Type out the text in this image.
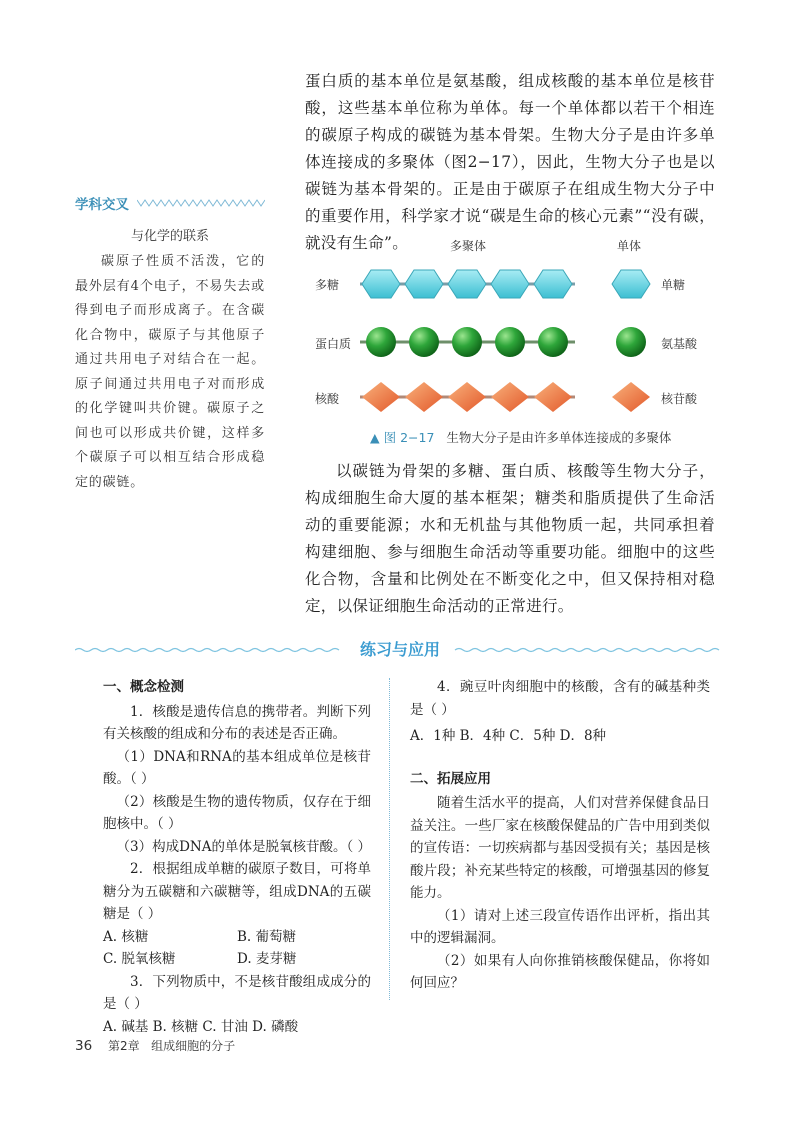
蛋白质的基本单位是氨基酸，组成核酸的基本单位是核苷酸，这些基本单位称为单体。每一个单体都以若干个相连的碳原子构成的碳链为基本骨架。生物大分子是由许多单体连接成的多聚体（图2−17），因此，生物大分子也是以碳链为基本骨架的。正是由于碳原子在组成生物大分子中的重要作用，科学家才说“碳是生命的核心元素”“没有碳，就没有生命”。

学科交叉
与化学的联系

碳原子性质不活泼，它的最外层有4个电子，不易失去或得到电子而形成离子。在含碳化合物中，碳原子与其他原子通过共用电子对结合在一起。原子间通过共用电子对而形成的化学键叫共价键。碳原子之间也可以形成共价键，这样多个碳原子可以相互结合形成稳定的碳链。

多聚体	单体
多糖	单糖
蛋白质	氨基酸
核酸	核苷酸
▲ 图 2−17 生物大分子是由许多单体连接成的多聚体

以碳链为骨架的多糖、蛋白质、核酸等生物大分子，构成细胞生命大厦的基本框架；糖类和脂质提供了生命活动的重要能源；水和无机盐与其他物质一起，共同承担着构建细胞、参与细胞生命活动等重要功能。细胞中的这些化合物，含量和比例处在不断变化之中，但又保持相对稳定，以保证细胞生命活动的正常进行。

练习与应用

一、概念检测

1．核酸是遗传信息的携带者。判断下列有关核酸的组成和分布的表述是否正确。

（1）DNA和RNA的基本组成单位是核苷酸。（ ）

（2）核酸是生物的遗传物质，仅存在于细胞核中。（ ）

（3）构成DNA的单体是脱氧核苷酸。（ ）

2．根据组成单糖的碳原子数目，可将单糖分为五碳糖和六碳糖等，组成DNA的五碳糖是（ ）

A. 核糖	B. 葡萄糖
C. 脱氧核糖	D. 麦芽糖

3．下列物质中，不是核苷酸组成成分的是（ ）

A. 碱基 B. 核糖 C. 甘油 D. 磷酸

4．豌豆叶肉细胞中的核酸，含有的碱基种类是（ ）

A．1种 B．4种 C．5种 D．8种

二、拓展应用

随着生活水平的提高，人们对营养保健食品日益关注。一些厂家在核酸保健品的广告中用到类似的宣传语：一切疾病都与基因受损有关；基因是核酸片段；补充某些特定的核酸，可增强基因的修复能力。

（1）请对上述三段宣传语作出评析，指出其中的逻辑漏洞。

（2）如果有人向你推销核酸保健品，你将如何回应？

36 第2章 组成细胞的分子
